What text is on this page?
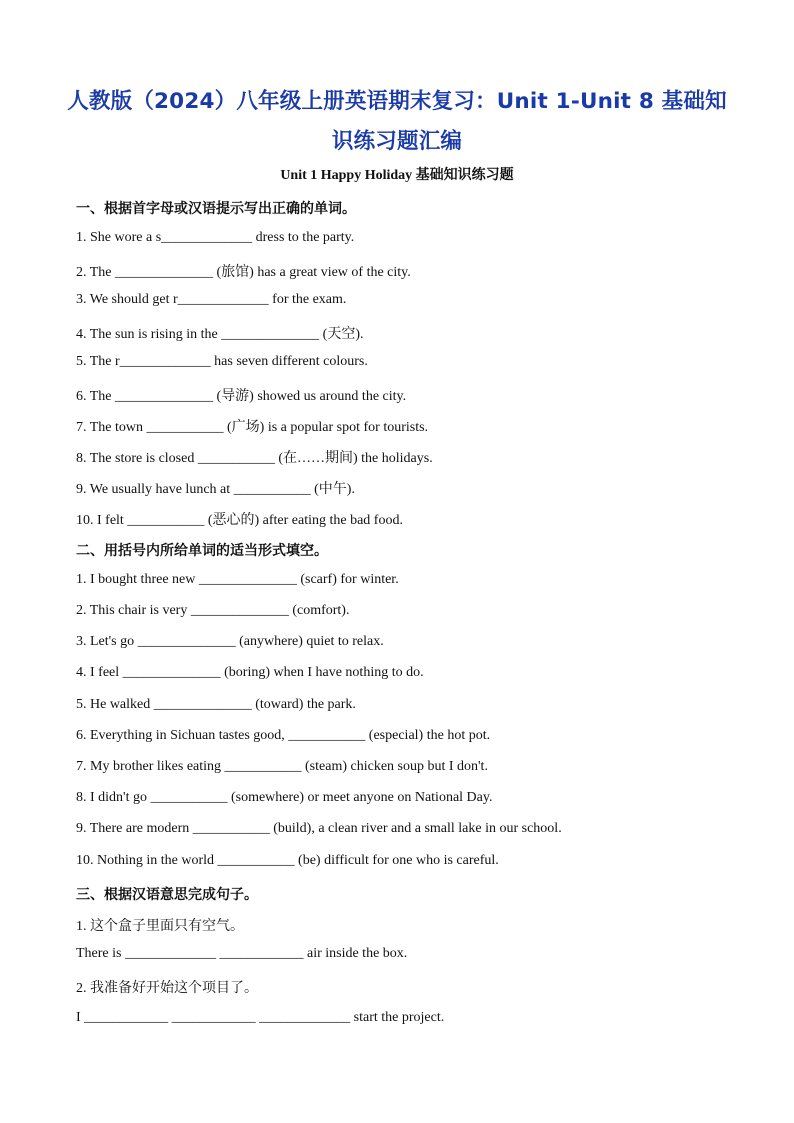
人教版（2024）八年级上册英语期末复习：Unit 1-Unit 8 基础知识练习题汇编
Unit 1 Happy Holiday 基础知识练习题
一、根据首字母或汉语提示写出正确的单词。
1. She wore a s_____________ dress to the party.
2. The ______________ (旅馆) has a great view of the city.
3. We should get r_____________ for the exam.
4. The sun is rising in the ______________ (天空).
5. The r_____________ has seven different colours.
6. The ______________ (导游) showed us around the city.
7. The town ___________ (广场) is a popular spot for tourists.
8. The store is closed ___________ (在……期间) the holidays.
9. We usually have lunch at ___________ (中午).
10. I felt ___________ (恶心的) after eating the bad food.
二、用括号内所给单词的适当形式填空。
1. I bought three new ______________ (scarf) for winter.
2. This chair is very ______________ (comfort).
3. Let's go ______________ (anywhere) quiet to relax.
4. I feel ______________ (boring) when I have nothing to do.
5. He walked ______________ (toward) the park.
6. Everything in Sichuan tastes good, ___________ (especial) the hot pot.
7. My brother likes eating ___________ (steam) chicken soup but I don't.
8. I didn't go ___________ (somewhere) or meet anyone on National Day.
9. There are modern ___________ (build), a clean river and a small lake in our school.
10. Nothing in the world ___________ (be) difficult for one who is careful.
三、根据汉语意思完成句子。
1. 这个盒子里面只有空气。
There is _____________ ____________ air inside the box.
2. 我准备好开始这个项目了。
I ____________ ____________ _____________ start the project.
